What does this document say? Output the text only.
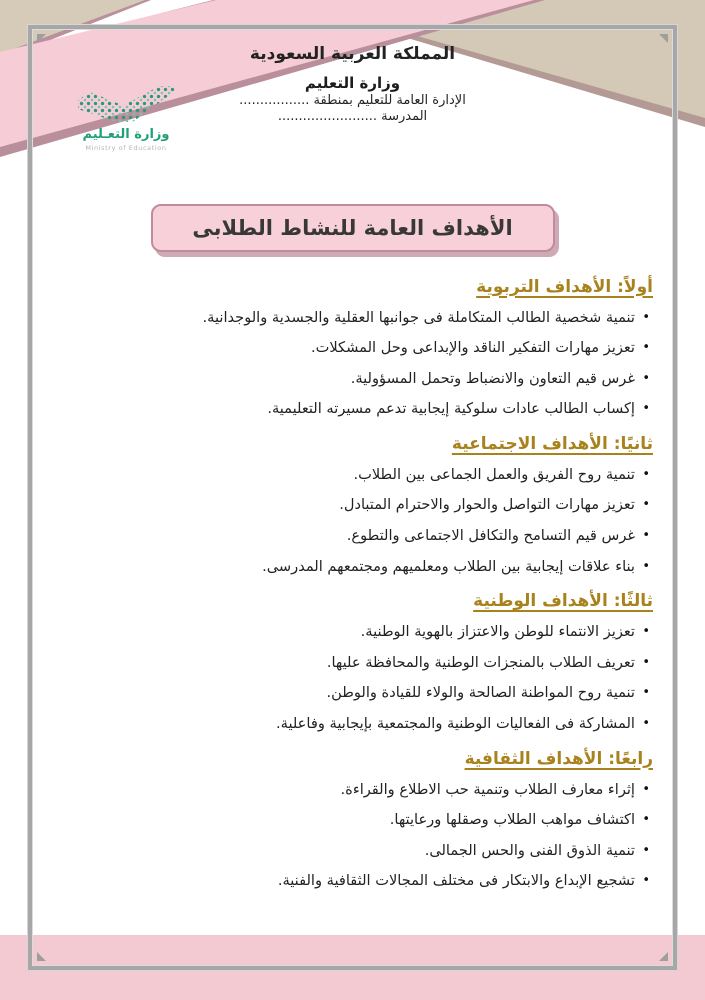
المملكة العربية السعودية
وزارة التعليم
الإدارة العامة للتعليم بمنطقة .................
المدرسة ........................
وزارة التعـليم
Ministry of Education
الأهداف العامة للنشاط الطلابى
أولاً: الأهداف التربوية
• تنمية شخصية الطالب المتكاملة فى جوانبها العقلية والجسدية والوجدانية.
• تعزيز مهارات التفكير الناقد والإبداعى وحل المشكلات.
• غرس قيم التعاون والانضباط وتحمل المسؤولية.
• إكساب الطالب عادات سلوكية إيجابية تدعم مسيرته التعليمية.
ثانيًا: الأهداف الاجتماعية
• تنمية روح الفريق والعمل الجماعى بين الطلاب.
• تعزيز مهارات التواصل والحوار والاحترام المتبادل.
• غرس قيم التسامح والتكافل الاجتماعى والتطوع.
• بناء علاقات إيجابية بين الطلاب ومعلميهم ومجتمعهم المدرسى.
ثالثًا: الأهداف الوطنية
• تعزيز الانتماء للوطن والاعتزاز بالهوية الوطنية.
• تعريف الطلاب بالمنجزات الوطنية والمحافظة عليها.
• تنمية روح المواطنة الصالحة والولاء للقيادة والوطن.
• المشاركة فى الفعاليات الوطنية والمجتمعية بإيجابية وفاعلية.
رابعًا: الأهداف الثقافية
• إثراء معارف الطلاب وتنمية حب الاطلاع والقراءة.
• اكتشاف مواهب الطلاب وصقلها ورعايتها.
• تنمية الذوق الفنى والحس الجمالى.
• تشجيع الإبداع والابتكار فى مختلف المجالات الثقافية والفنية.
